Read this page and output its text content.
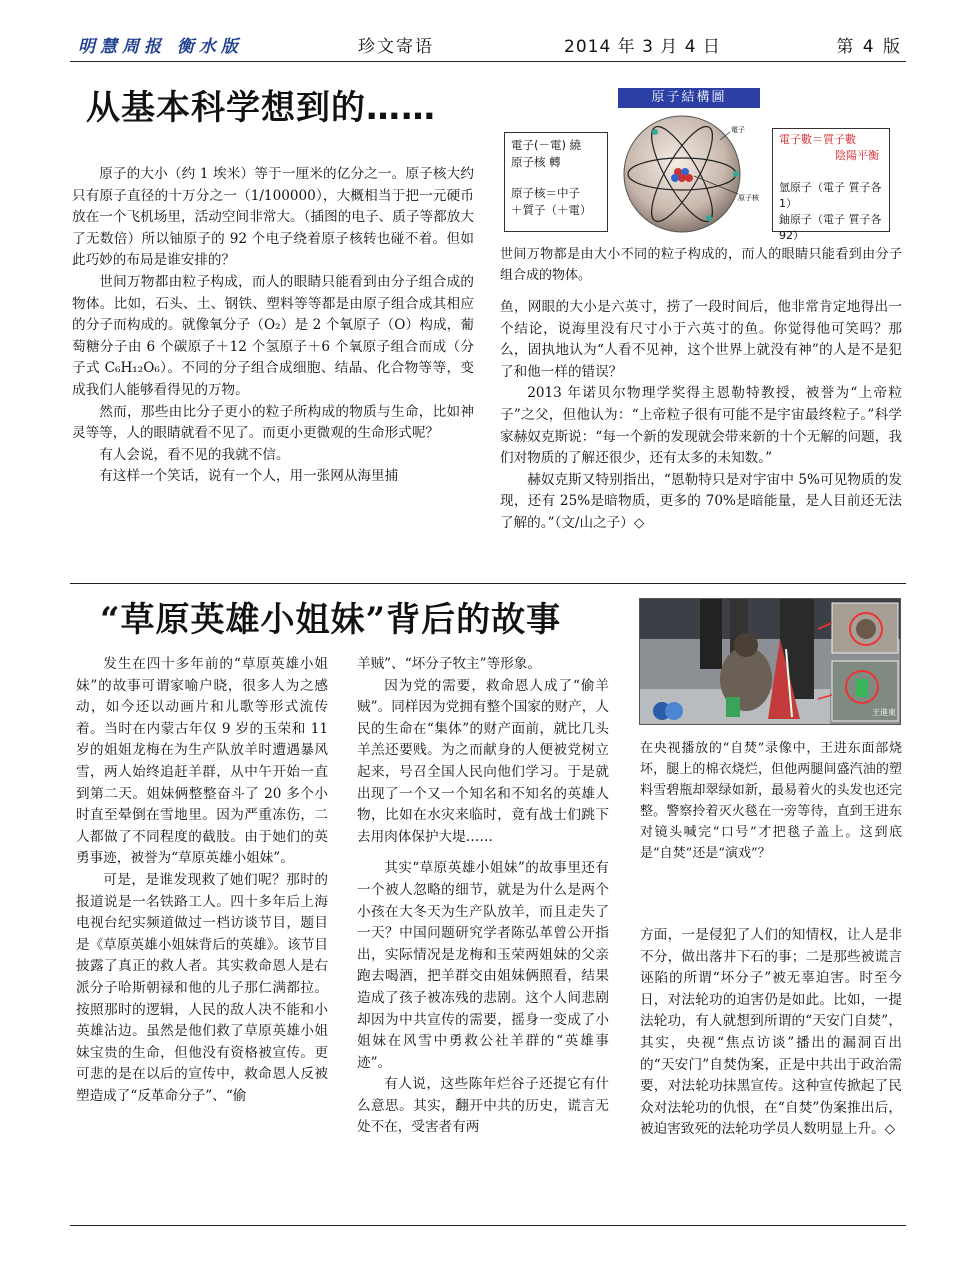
明慧周报 衡水版	珍文寄语	2014 年 3 月 4 日	第 4 版
从基本科学想到的……	原子結構圖
電子(－電) 繞
原子核 轉
原子核＝中子
＋質子（＋電）
電子
原子核
電子數＝質子數
陰陽平衡
氫原子（電子 質子各1）
鈾原子（電子 質子各92）
世间万物都是由大小不同的粒子构成的，而人的眼睛只能看到由分子组合成的物体。

原子的大小（约 1 埃米）等于一厘米的亿分之一。原子核大约只有原子直径的十万分之一（1/100000），大概相当于把一元硬币放在一个飞机场里，活动空间非常大。（插图的电子、质子等都放大了无数倍）所以铀原子的 92 个电子绕着原子核转也碰不着。但如此巧妙的布局是谁安排的？

世间万物都由粒子构成，而人的眼睛只能看到由分子组合成的物体。比如，石头、土、钢铁、塑料等等都是由原子组合成其相应的分子而构成的。就像氧分子（O₂）是 2 个氧原子（O）构成，葡萄糖分子由 6 个碳原子＋12 个氢原子＋6 个氧原子组合而成（分子式 C₆H₁₂O₆）。不同的分子组合成细胞、结晶、化合物等等，变成我们人能够看得见的万物。

然而，那些由比分子更小的粒子所构成的物质与生命，比如神灵等等，人的眼睛就看不见了。而更小更微观的生命形式呢？

有人会说，看不见的我就不信。

有这样一个笑话，说有一个人，用一张网从海里捕

鱼，网眼的大小是六英寸，捞了一段时间后，他非常肯定地得出一个结论，说海里没有尺寸小于六英寸的鱼。你觉得他可笑吗？那么，固执地认为“人看不见神，这个世界上就没有神”的人是不是犯了和他一样的错误？

2013 年诺贝尔物理学奖得主恩勒特教授，被誉为“上帝粒子”之父，但他认为：“上帝粒子很有可能不是宇宙最终粒子。”科学家赫奴克斯说：“每一个新的发现就会带来新的十个无解的问题，我们对物质的了解还很少，还有太多的未知数。”

赫奴克斯又特别指出，“恩勒特只是对宇宙中 5%可见物质的发现，还有 25%是暗物质，更多的 70%是暗能量，是人目前还无法了解的。”（文/山之子）◇

“草原英雄小姐妹”背后的故事
王進東
在央视播放的“自焚”录像中，王进东面部烧坏，腿上的棉衣烧烂，但他两腿间盛汽油的塑料雪碧瓶却翠绿如新，最易着火的头发也还完整。警察拎着灭火毯在一旁等待，直到王进东对镜头喊完“口号”才把毯子盖上。这到底是“自焚”还是“演戏”？

发生在四十多年前的“草原英雄小姐妹”的故事可谓家喻户晓，很多人为之感动，如今还以动画片和儿歌等形式流传着。当时在内蒙古年仅 9 岁的玉荣和 11 岁的姐姐龙梅在为生产队放羊时遭遇暴风雪，两人始终追赶羊群，从中午开始一直到第二天。姐妹俩整整奋斗了 20 多个小时直至晕倒在雪地里。因为严重冻伤，二人都做了不同程度的截肢。由于她们的英勇事迹，被誉为“草原英雄小姐妹”。

可是，是谁发现救了她们呢？那时的报道说是一名铁路工人。四十多年后上海电视台纪实频道做过一档访谈节目，题目是《草原英雄小姐妹背后的英雄》。该节目披露了真正的救人者。其实救命恩人是右派分子哈斯朝禄和他的儿子那仁满都拉。按照那时的逻辑，人民的敌人决不能和小英雄沾边。虽然是他们救了草原英雄小姐妹宝贵的生命，但他没有资格被宣传。更可悲的是在以后的宣传中，救命恩人反被塑造成了“反革命分子”、“偷

羊贼”、“坏分子牧主”等形象。

因为党的需要，救命恩人成了“偷羊贼”。同样因为党拥有整个国家的财产，人民的生命在“集体”的财产面前，就比几头羊羔还要贱。为之而献身的人便被党树立起来，号召全国人民向他们学习。于是就出现了一个又一个知名和不知名的英雄人物，比如在水灾来临时，竟有战士们跳下去用肉体保护大堤……

其实“草原英雄小姐妹”的故事里还有一个被人忽略的细节，就是为什么是两个小孩在大冬天为生产队放羊，而且走失了一天？中国问题研究学者陈弘革曾公开指出，实际情况是龙梅和玉荣两姐妹的父亲跑去喝酒，把羊群交由姐妹俩照看，结果造成了孩子被冻残的悲剧。这个人间悲剧却因为中共宣传的需要，摇身一变成了小姐妹在风雪中勇救公社羊群的“英雄事迹”。

有人说，这些陈年烂谷子还提它有什么意思。其实，翻开中共的历史，谎言无处不在，受害者有两

方面，一是侵犯了人们的知情权，让人是非不分，做出落井下石的事；二是那些被谎言诬陷的所谓“坏分子”被无辜迫害。时至今日，对法轮功的迫害仍是如此。比如，一提法轮功，有人就想到所谓的“天安门自焚”，其实，央视“焦点访谈”播出的漏洞百出的“天安门”自焚伪案，正是中共出于政治需要，对法轮功抹黑宣传。这种宣传掀起了民众对法轮功的仇恨，在“自焚”伪案推出后，被迫害致死的法轮功学员人数明显上升。◇
